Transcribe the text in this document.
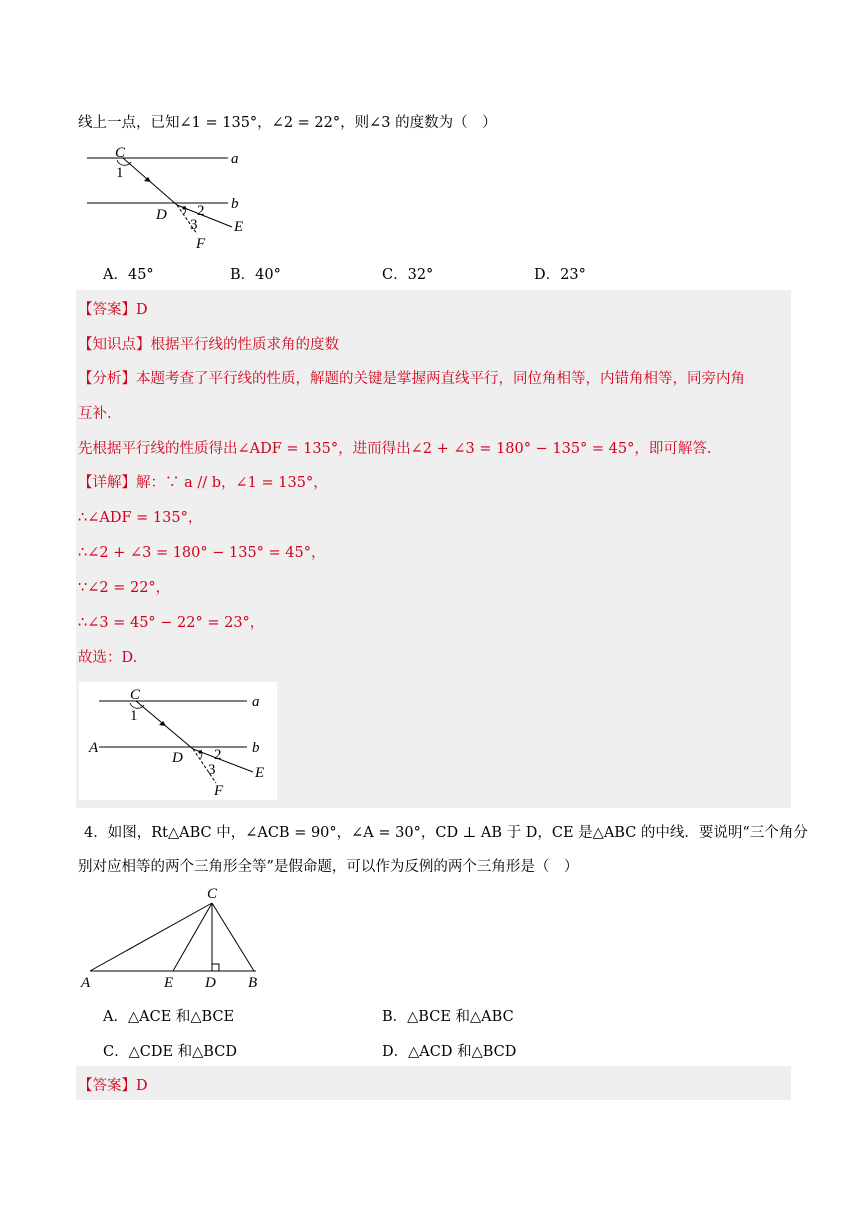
线上一点，已知∠1 = 135°，∠2 = 22°，则∠3 的度数为（　）
C
1
a
b
D 2
3 E
F
A．45°	B．40°	C．32°	D．23°
【答案】D
【知识点】根据平行线的性质求角的度数
【分析】本题考查了平行线的性质，解题的关键是掌握两直线平行，同位角相等，内错角相等，同旁内角
互补.
先根据平行线的性质得出∠ADF = 135°，进而得出∠2 + ∠3 = 180° − 135° = 45°，即可解答.
【详解】解：∵ a // b，∠1 = 135°，
∴∠ADF = 135°，
∴∠2 + ∠3 = 180° − 135° = 45°，
∵∠2 = 22°，
∴∠3 = 45° − 22° = 23°，
故选：D.
C
1
a
A	b
D 2
3	E
F
4．如图，Rt△ABC 中，∠ACB = 90°，∠A = 30°，CD ⊥ AB 于 D，CE 是△ABC 的中线．要说明“三个角分
别对应相等的两个三角形全等”是假命题，可以作为反例的两个三角形是（　）
C
A	E D B
A．△ACE 和△BCE	B．△BCE 和△ABC
C．△CDE 和△BCD	D．△ACD 和△BCD
【答案】D
